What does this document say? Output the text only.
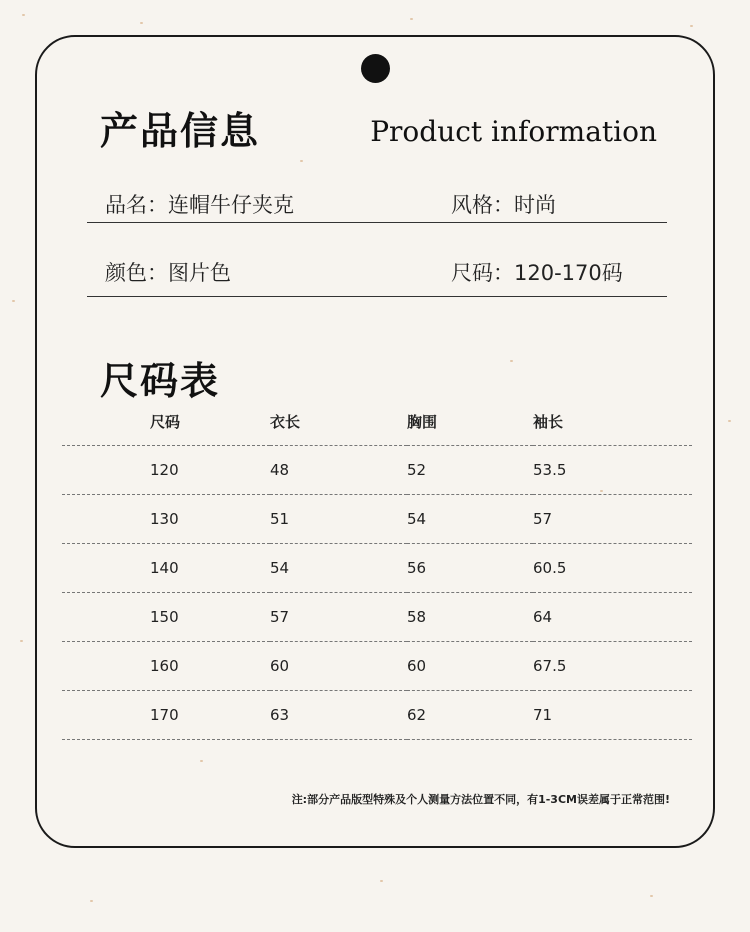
产品信息	Product information
品名：连帽牛仔夹克	风格：时尚
颜色：图片色	尺码：120-170码
尺码表
尺码	衣长	胸围	袖长
120	48	52	53.5
130	51	54	57
140	54	56	60.5
150	57	58	64
160	60	60	67.5
170	63	62	71
注:部分产品版型特殊及个人测量方法位置不同，有1-3CM误差属于正常范围!
